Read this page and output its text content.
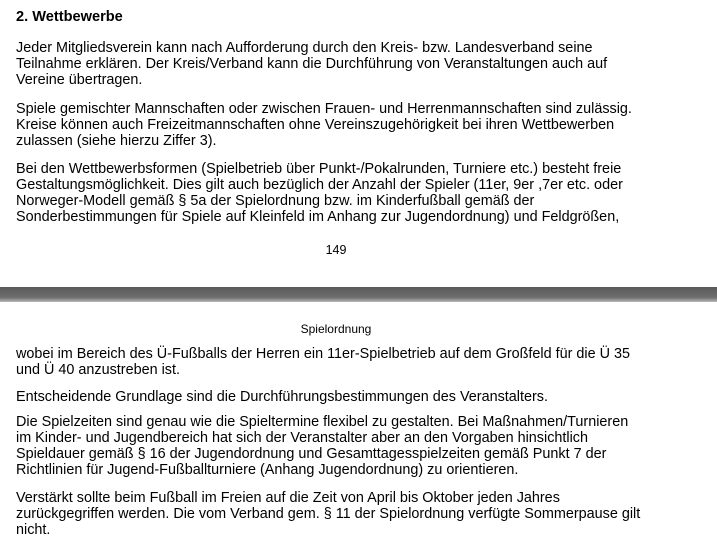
2. Wettbewerbe

Jeder Mitgliedsverein kann nach Aufforderung durch den Kreis- bzw. Landesverband seine
Teilnahme erklären. Der Kreis/Verband kann die Durchführung von Veranstaltungen auch auf
Vereine übertragen.

Spiele gemischter Mannschaften oder zwischen Frauen- und Herrenmannschaften sind zulässig.
Kreise können auch Freizeitmannschaften ohne Vereinszugehörigkeit bei ihren Wettbewerben
zulassen (siehe hierzu Ziffer 3).

Bei den Wettbewerbsformen (Spielbetrieb über Punkt-/Pokalrunden, Turniere etc.) besteht freie
Gestaltungsmöglichkeit. Dies gilt auch bezüglich der Anzahl der Spieler (11er, 9er ,7er etc. oder
Norweger-Modell gemäß § 5a der Spielordnung bzw. im Kinderfußball gemäß der
Sonderbestimmungen für Spiele auf Kleinfeld im Anhang zur Jugendordnung) und Feldgrößen,

149
Spielordnung

wobei im Bereich des Ü-Fußballs der Herren ein 11er-Spielbetrieb auf dem Großfeld für die Ü 35
und Ü 40 anzustreben ist.

Entscheidende Grundlage sind die Durchführungsbestimmungen des Veranstalters.

Die Spielzeiten sind genau wie die Spieltermine flexibel zu gestalten. Bei Maßnahmen/Turnieren
im Kinder- und Jugendbereich hat sich der Veranstalter aber an den Vorgaben hinsichtlich
Spieldauer gemäß § 16 der Jugendordnung und Gesamttagesspielzeiten gemäß Punkt 7 der
Richtlinien für Jugend-Fußballturniere (Anhang Jugendordnung) zu orientieren.

Verstärkt sollte beim Fußball im Freien auf die Zeit von April bis Oktober jeden Jahres
zurückgegriffen werden. Die vom Verband gem. § 11 der Spielordnung verfügte Sommerpause gilt
nicht.
